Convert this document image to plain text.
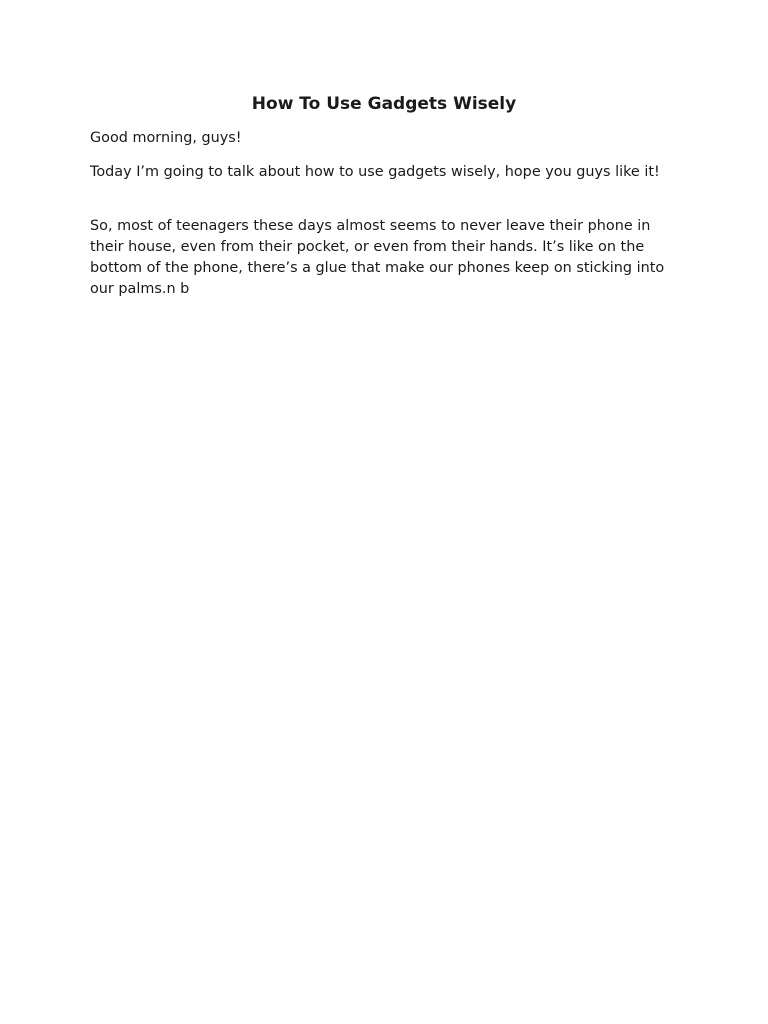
How To Use Gadgets Wisely

Good morning, guys!

Today I’m going to talk about how to use gadgets wisely, hope you guys like it!

So, most of teenagers these days almost seems to never leave their phone in their house, even from their pocket, or even from their hands. It’s like on the bottom of the phone, there’s a glue that make our phones keep on sticking into our palms.n b
